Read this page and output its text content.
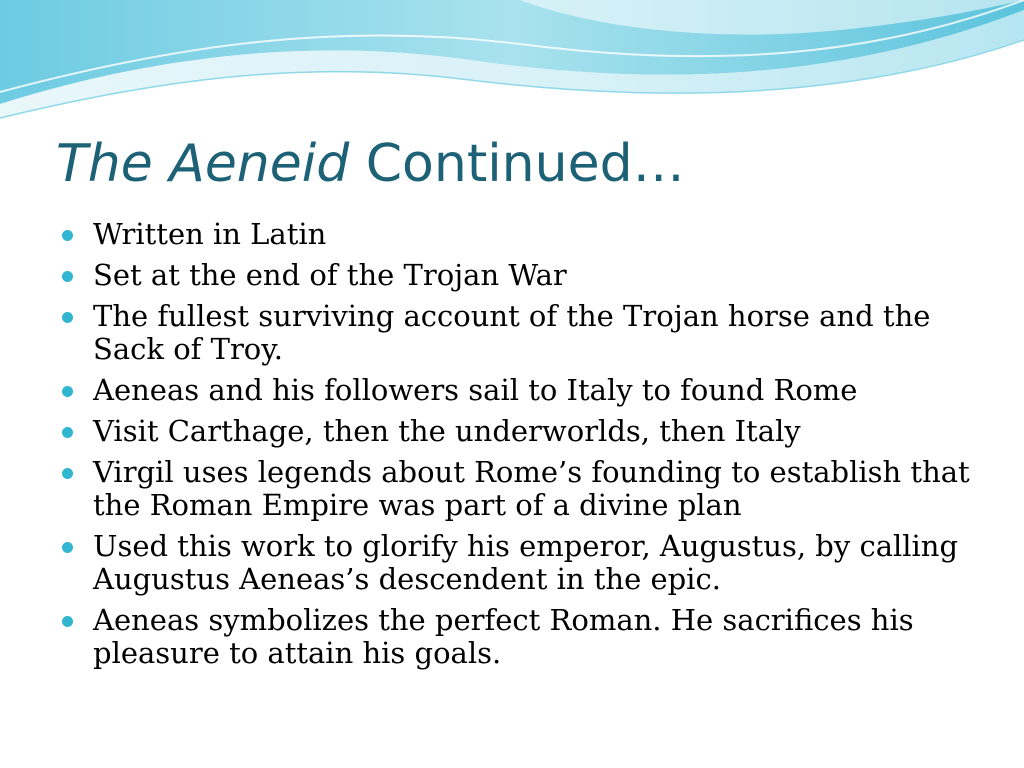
The Aeneid Continued…
Written in Latin
Set at the end of the Trojan War
The fullest surviving account of the Trojan horse and the Sack of Troy.
Aeneas and his followers sail to Italy to found Rome
Visit Carthage, then the underworlds, then Italy
Virgil uses legends about Rome’s founding to establish that the Roman Empire was part of a divine plan
Used this work to glorify his emperor, Augustus, by calling Augustus Aeneas’s descendent in the epic.
Aeneas symbolizes the perfect Roman. He sacrifices his pleasure to attain his goals.
